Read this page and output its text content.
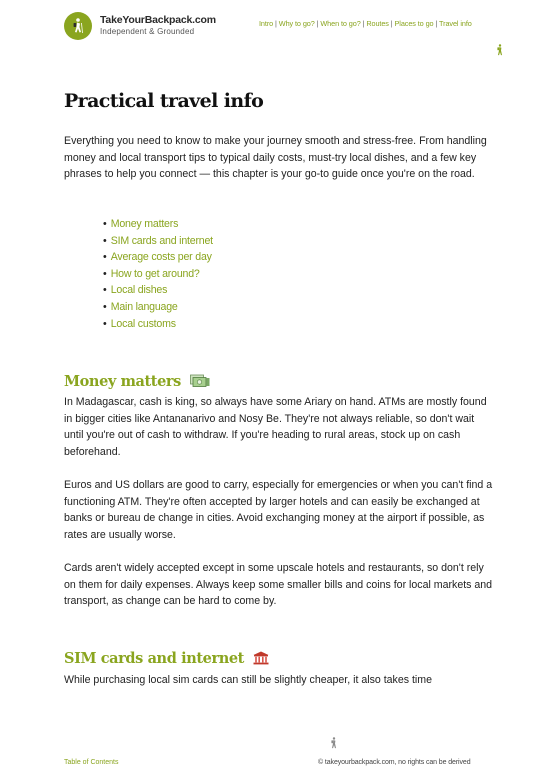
TakeYourBackpack.com
Independent & Grounded
Intro | Why to go? | When to go? | Routes | Places to go | Travel info
Practical travel info

Everything you need to know to make your journey smooth and stress-free. From handling money and local transport tips to typical daily costs, must-try local dishes, and a few key phrases to help you connect — this chapter is your go-to guide once you're on the road.

• Money matters
• SIM cards and internet
• Average costs per day
• How to get around?
• Local dishes
• Main language
• Local customs
Money matters

In Madagascar, cash is king, so always have some Ariary on hand. ATMs are mostly found in bigger cities like Antananarivo and Nosy Be. They're not always reliable, so don't wait until you're out of cash to withdraw. If you're heading to rural areas, stock up on cash beforehand.

Euros and US dollars are good to carry, especially for emergencies or when you can't find a functioning ATM. They're often accepted by larger hotels and can easily be exchanged at banks or bureau de change in cities. Avoid exchanging money at the airport if possible, as rates are usually worse.

Cards aren't widely accepted except in some upscale hotels and restaurants, so don't rely on them for daily expenses. Always keep some smaller bills and coins for local markets and transport, as change can be hard to come by.

SIM cards and internet

While purchasing local sim cards can still be slightly cheaper, it also takes time

Table of Contents	© takeyourbackpack.com, no rights can be derived
